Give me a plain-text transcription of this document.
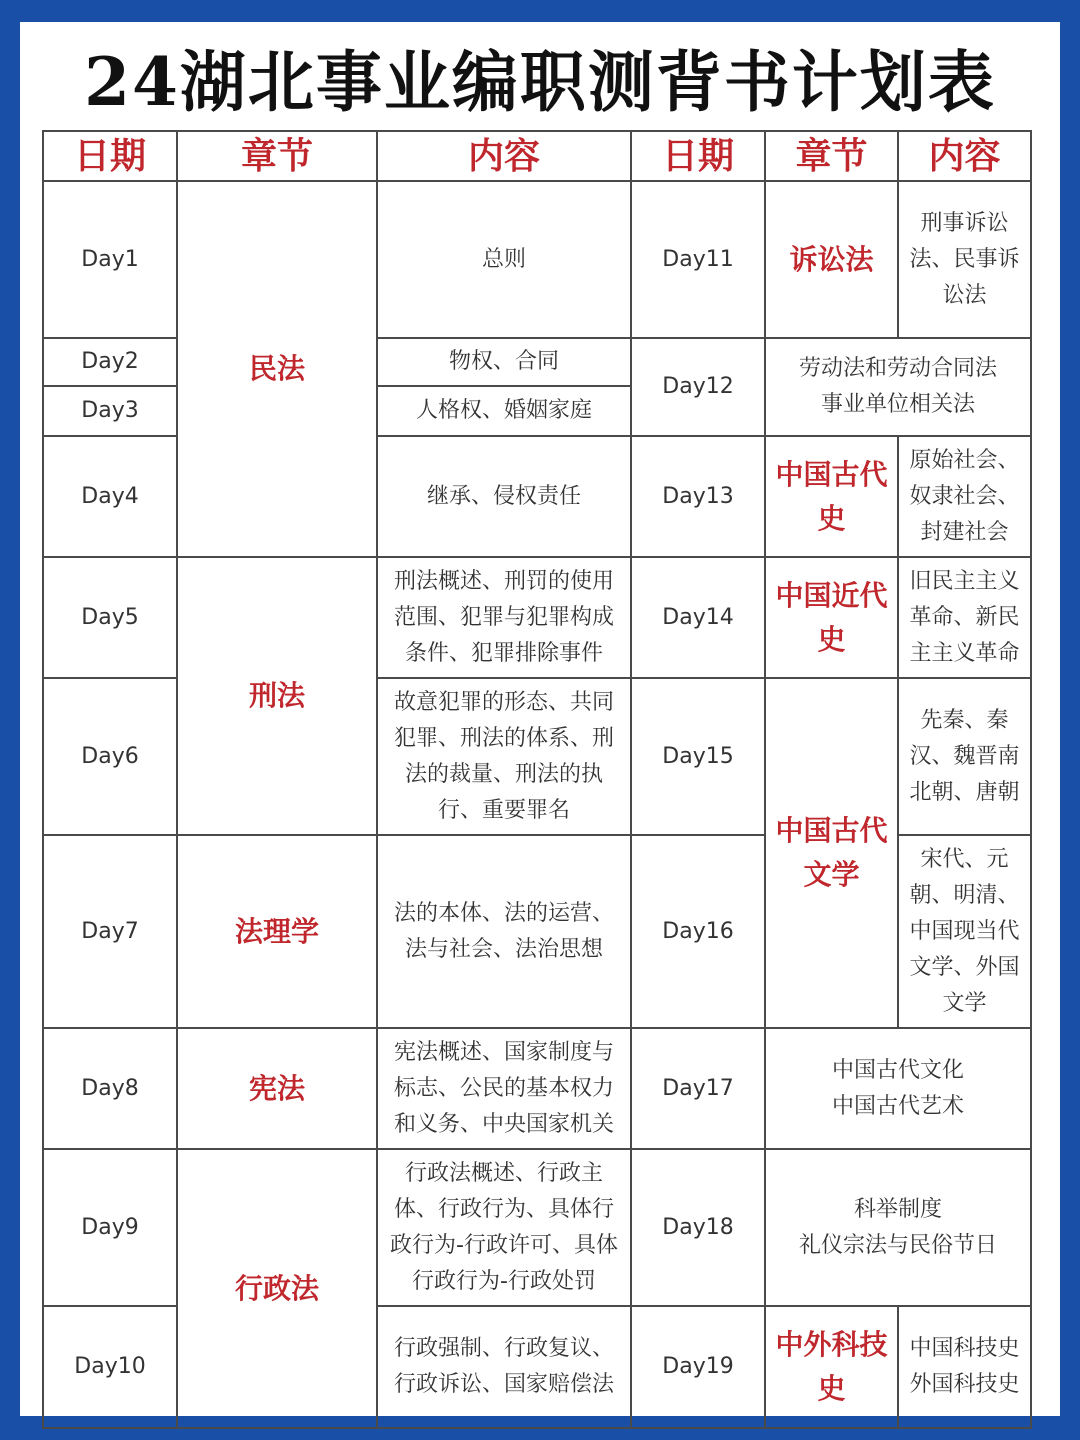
24湖北事业编职测背书计划表
日期	章节	内容	日期	章节	内容
Day1	民法	总则	Day11	诉讼法	刑事诉讼法、民事诉讼法
Day2		物权、合同	Day12	劳动法和劳动合同法
事业单位相关法	

Day3		人格权、婚姻家庭			
Day4		继承、侵权责任	Day13	中国古代史	原始社会、奴隶社会、封建社会
Day5	刑法	刑法概述、刑罚的使用范围、犯罪与犯罪构成条件、犯罪排除事件	Day14	中国近代史	旧民主主义革命、新民主主义革命
Day6		故意犯罪的形态、共同犯罪、刑法的体系、刑法的裁量、刑法的执行、重要罪名	Day15	中国古代文学	先秦、秦汉、魏晋南北朝、唐朝
Day7	法理学	法的本体、法的运营、法与社会、法治思想	Day16		宋代、元朝、明清、中国现当代文学、外国文学
Day8	宪法	宪法概述、国家制度与标志、公民的基本权力和义务、中央国家机关	Day17	中国古代文化
中国古代艺术	

Day9	行政法	行政法概述、行政主体、行政行为、具体行政行为-行政许可、具体行政行为-行政处罚	Day18	科举制度
礼仪宗法与民俗节日	

Day10		行政强制、行政复议、行政诉讼、国家赔偿法	Day19	中外科技史	中国科技史
外国科技史
